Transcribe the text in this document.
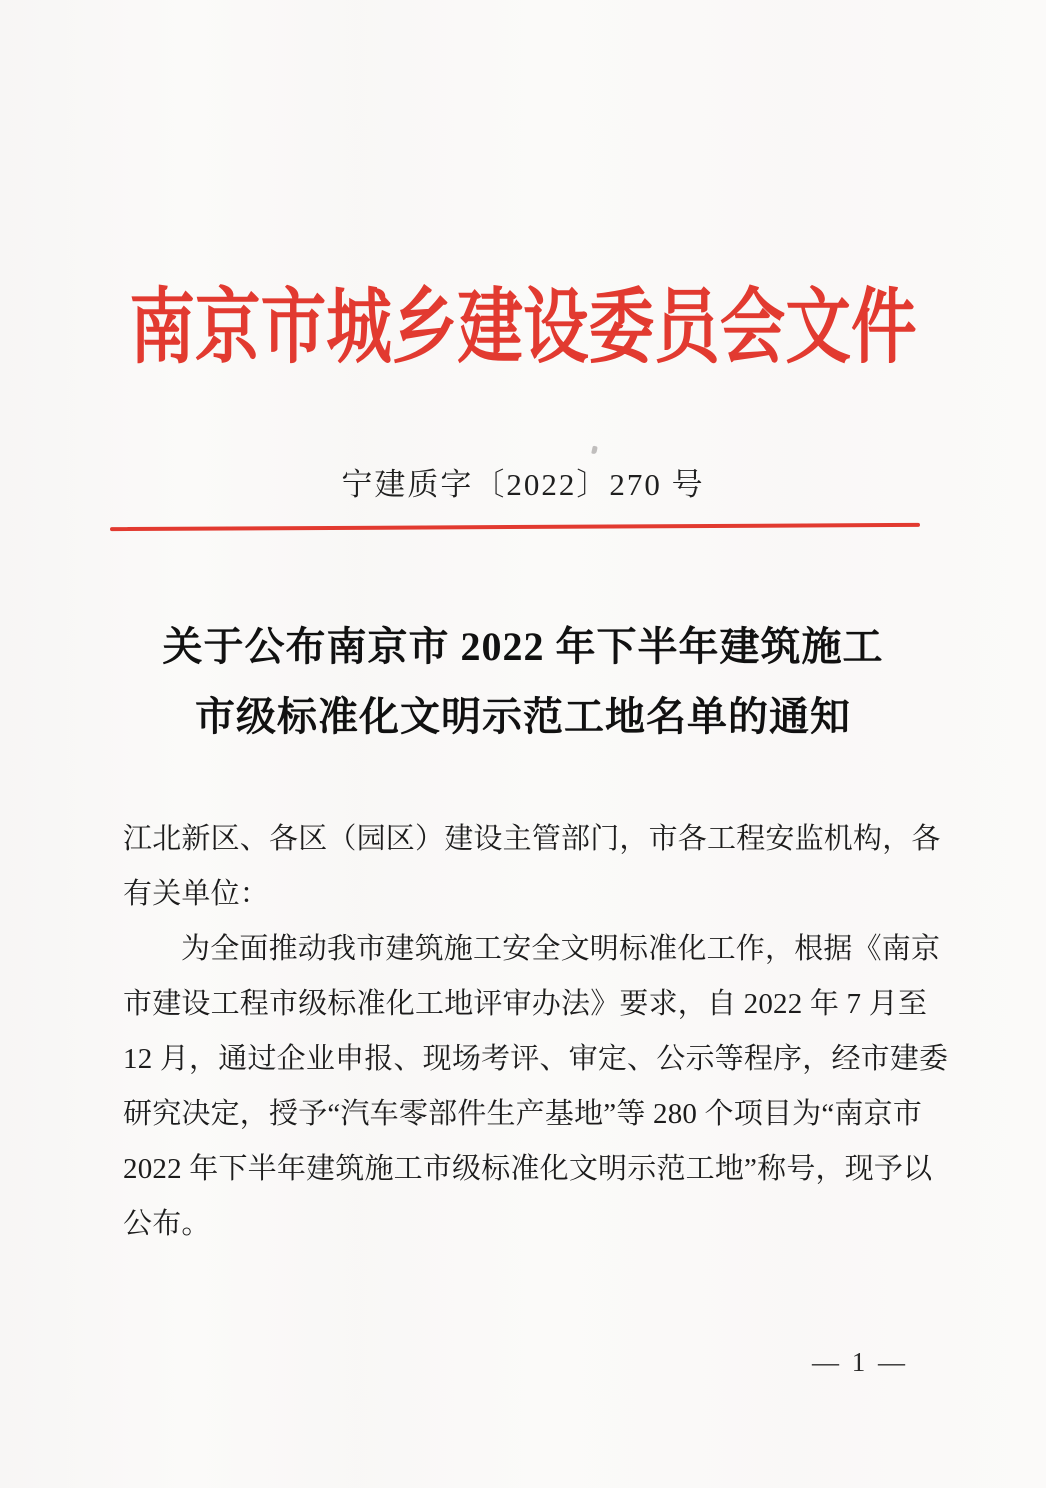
南京市城乡建设委员会文件
宁建质字〔2022〕270 号
关于公布南京市 2022 年下半年建筑施工
市级标准化文明示范工地名单的通知
江北新区、各区（园区）建设主管部门，市各工程安监机构，各
有关单位：
为全面推动我市建筑施工安全文明标准化工作，根据《南京
市建设工程市级标准化工地评审办法》要求，自 2022 年 7 月至
12 月，通过企业申报、现场考评、审定、公示等程序，经市建委
研究决定，授予“汽车零部件生产基地”等 280 个项目为“南京市
2022 年下半年建筑施工市级标准化文明示范工地”称号，现予以
公布。
— 1 —
